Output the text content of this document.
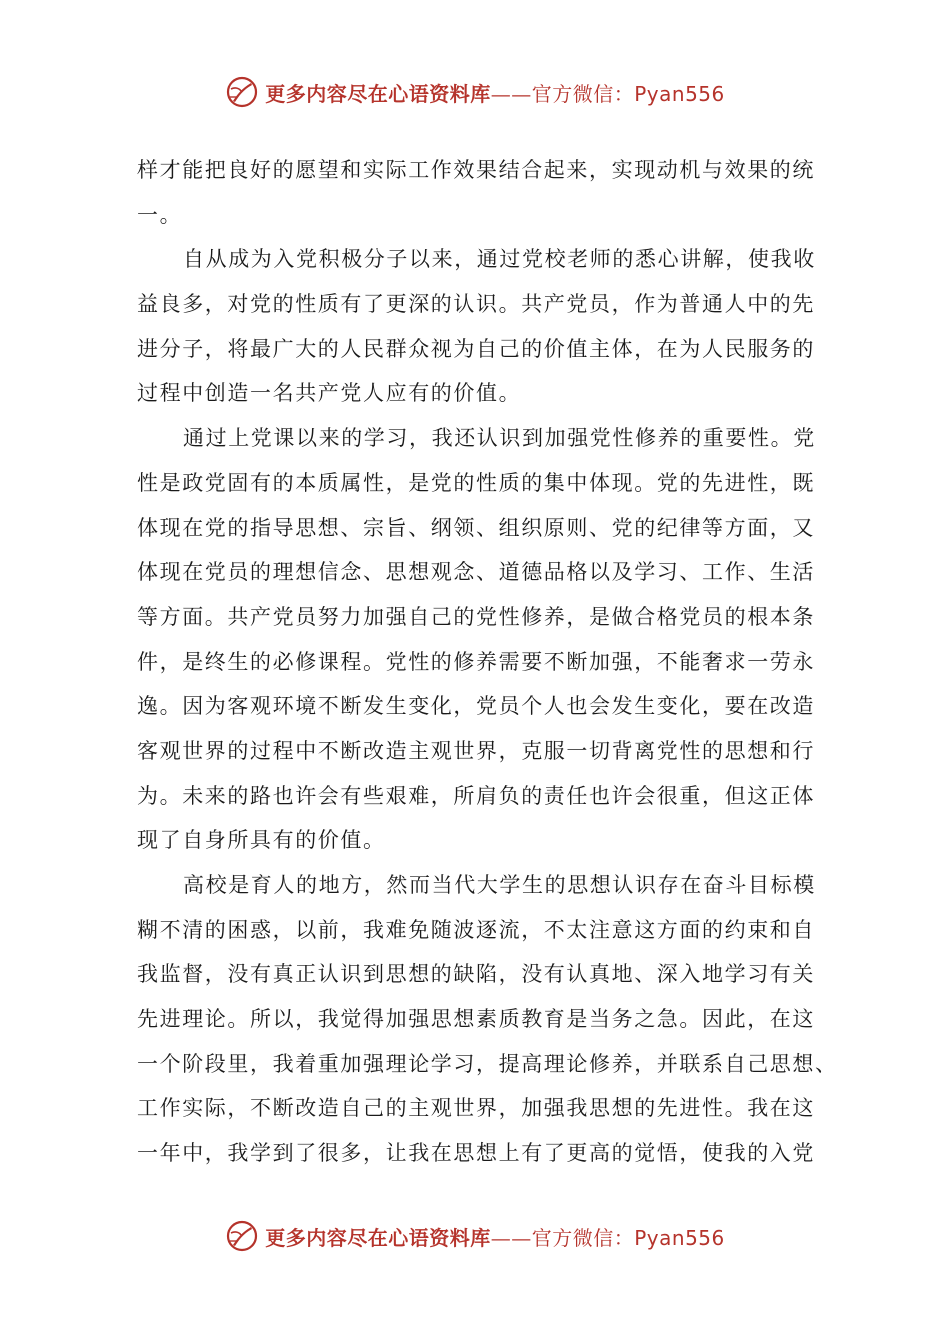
更多内容尽在心语资料库——官方微信：Pyan556
样才能把良好的愿望和实际工作效果结合起来，实现动机与效果的统
一。
自从成为入党积极分子以来，通过党校老师的悉心讲解，使我收
益良多，对党的性质有了更深的认识。共产党员，作为普通人中的先
进分子，将最广大的人民群众视为自己的价值主体，在为人民服务的
过程中创造一名共产党人应有的价值。
通过上党课以来的学习，我还认识到加强党性修养的重要性。党
性是政党固有的本质属性，是党的性质的集中体现。党的先进性，既
体现在党的指导思想、宗旨、纲领、组织原则、党的纪律等方面，又
体现在党员的理想信念、思想观念、道德品格以及学习、工作、生活
等方面。共产党员努力加强自己的党性修养，是做合格党员的根本条
件，是终生的必修课程。党性的修养需要不断加强，不能奢求一劳永
逸。因为客观环境不断发生变化，党员个人也会发生变化，要在改造
客观世界的过程中不断改造主观世界，克服一切背离党性的思想和行
为。未来的路也许会有些艰难，所肩负的责任也许会很重，但这正体
现了自身所具有的价值。
高校是育人的地方，然而当代大学生的思想认识存在奋斗目标模
糊不清的困惑，以前，我难免随波逐流，不太注意这方面的约束和自
我监督，没有真正认识到思想的缺陷，没有认真地、深入地学习有关
先进理论。所以，我觉得加强思想素质教育是当务之急。因此，在这
一个阶段里，我着重加强理论学习，提高理论修养，并联系自己思想、
工作实际，不断改造自己的主观世界，加强我思想的先进性。我在这
一年中，我学到了很多，让我在思想上有了更高的觉悟，使我的入党
更多内容尽在心语资料库——官方微信：Pyan556
